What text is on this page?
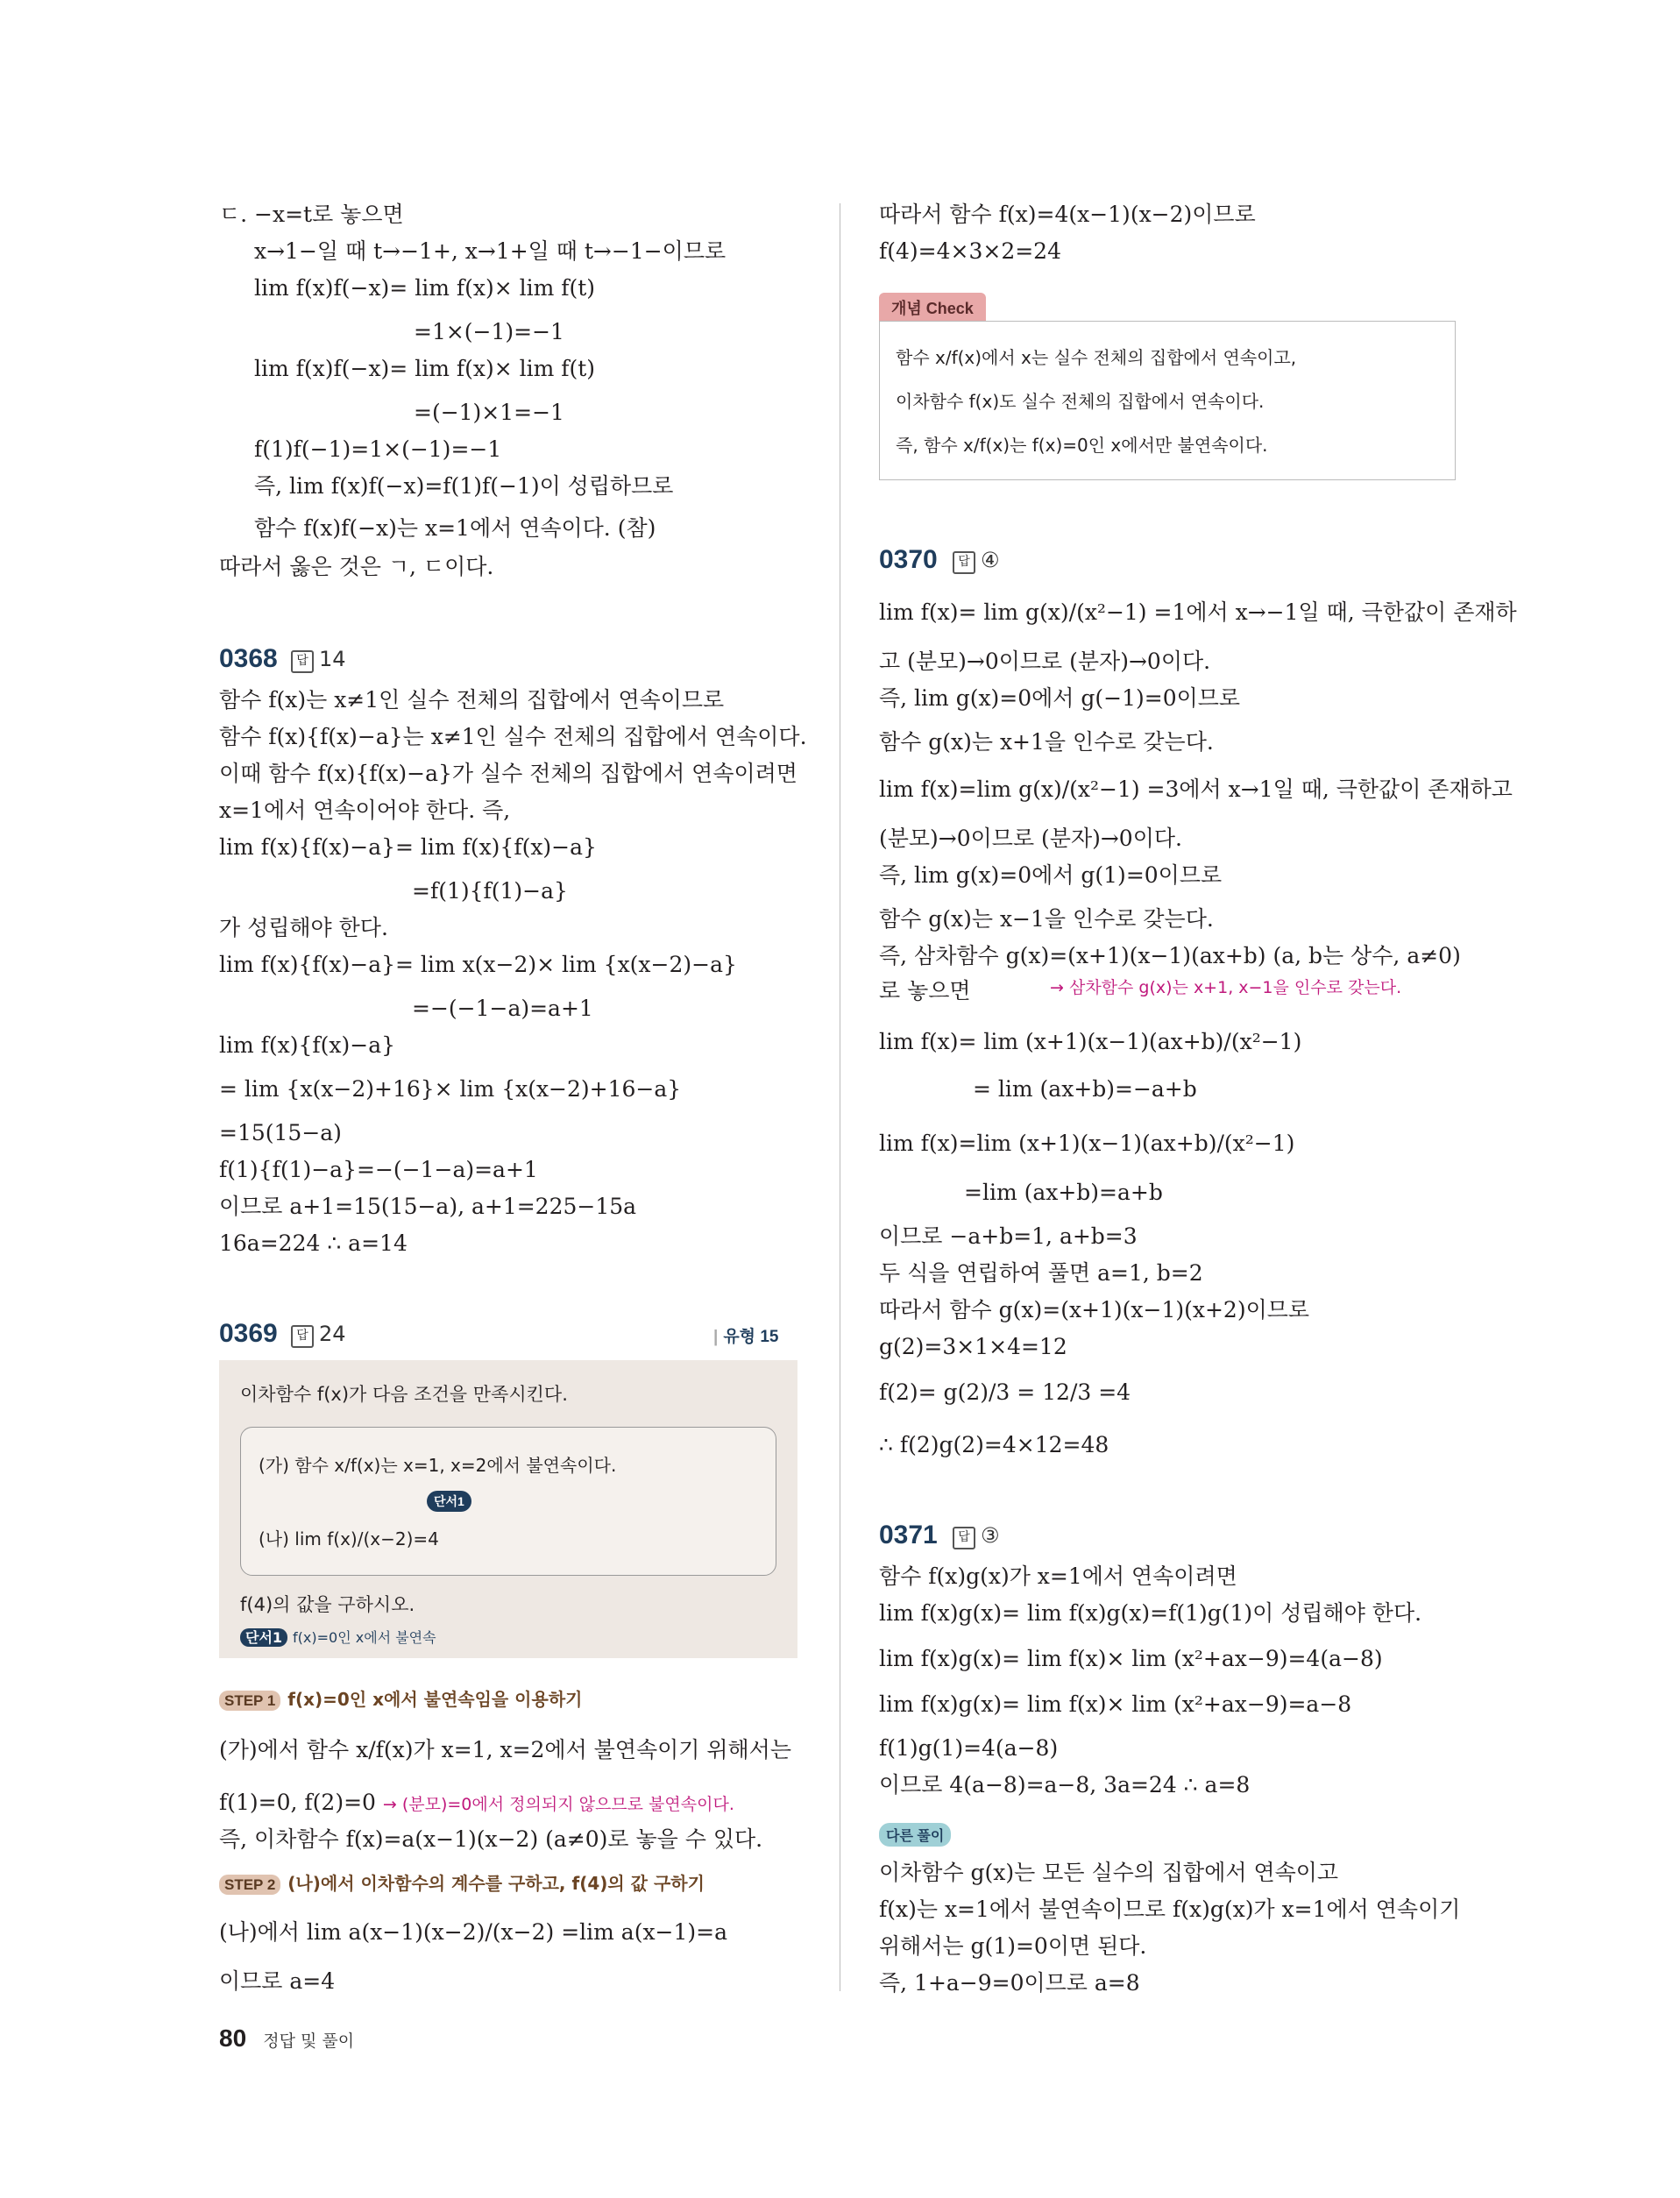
ㄷ. −x=t로 놓으면
x→1−일 때 t→−1+, x→1+일 때 t→−1−이므로
lim f(x)f(−x)= lim f(x)× lim f(t)
=1×(−1)=−1
lim f(x)f(−x)= lim f(x)× lim f(t)
=(−1)×1=−1
f(1)f(−1)=1×(−1)=−1
즉, lim f(x)f(−x)=f(1)f(−1)이 성립하므로
함수 f(x)f(−x)는 x=1에서 연속이다. (참)
따라서 옳은 것은 ㄱ, ㄷ이다.
0368	답 14
함수 f(x)는 x≠1인 실수 전체의 집합에서 연속이므로
함수 f(x){f(x)−a}는 x≠1인 실수 전체의 집합에서 연속이다.
이때 함수 f(x){f(x)−a}가 실수 전체의 집합에서 연속이려면
x=1에서 연속이어야 한다. 즉,
lim f(x){f(x)−a}= lim f(x){f(x)−a}
=f(1){f(1)−a}
가 성립해야 한다.
lim f(x){f(x)−a}= lim x(x−2)× lim {x(x−2)−a}
=−(−1−a)=a+1
lim f(x){f(x)−a}
= lim {x(x−2)+16}× lim {x(x−2)+16−a}
=15(15−a)
f(1){f(1)−a}=−(−1−a)=a+1
이므로 a+1=15(15−a), a+1=225−15a
16a=224 ∴ a=14
0369	답 24	| 유형 15
이차함수 f(x)가 다음 조건을 만족시킨다.
(가) 함수 x/f(x)는 x=1, x=2에서 불연속이다.
단서1
(나) lim f(x)/(x−2)=4
f(4)의 값을 구하시오.
단서1 f(x)=0인 x에서 불연속
STEP 1 f(x)=0인 x에서 불연속임을 이용하기
(가)에서 함수 x/f(x)가 x=1, x=2에서 불연속이기 위해서는
f(1)=0, f(2)=0 → (분모)=0에서 정의되지 않으므로 불연속이다.
즉, 이차함수 f(x)=a(x−1)(x−2) (a≠0)로 놓을 수 있다.
STEP 2 (나)에서 이차함수의 계수를 구하고, f(4)의 값 구하기
(나)에서 lim a(x−1)(x−2)/(x−2) =lim a(x−1)=a
이므로 a=4
따라서 함수 f(x)=4(x−1)(x−2)이므로
f(4)=4×3×2=24
개념 Check
함수 x/f(x)에서 x는 실수 전체의 집합에서 연속이고,
이차함수 f(x)도 실수 전체의 집합에서 연속이다.
즉, 함수 x/f(x)는 f(x)=0인 x에서만 불연속이다.
0370	답 ④
lim f(x)= lim g(x)/(x²−1) =1에서 x→−1일 때, 극한값이 존재하
고 (분모)→0이므로 (분자)→0이다.
즉, lim g(x)=0에서 g(−1)=0이므로
함수 g(x)는 x+1을 인수로 갖는다.
lim f(x)=lim g(x)/(x²−1) =3에서 x→1일 때, 극한값이 존재하고
(분모)→0이므로 (분자)→0이다.
즉, lim g(x)=0에서 g(1)=0이므로
함수 g(x)는 x−1을 인수로 갖는다.
즉, 삼차함수 g(x)=(x+1)(x−1)(ax+b) (a, b는 상수, a≠0)
→ 삼차함수 g(x)는 x+1, x−1을 인수로 갖는다.
로 놓으면
lim f(x)= lim (x+1)(x−1)(ax+b)/(x²−1)
= lim (ax+b)=−a+b
lim f(x)=lim (x+1)(x−1)(ax+b)/(x²−1)
=lim (ax+b)=a+b
이므로 −a+b=1, a+b=3
두 식을 연립하여 풀면 a=1, b=2
따라서 함수 g(x)=(x+1)(x−1)(x+2)이므로
g(2)=3×1×4=12
f(2)= g(2)/3 = 12/3 =4
∴ f(2)g(2)=4×12=48
0371	답 ③
함수 f(x)g(x)가 x=1에서 연속이려면
lim f(x)g(x)= lim f(x)g(x)=f(1)g(1)이 성립해야 한다.
lim f(x)g(x)= lim f(x)× lim (x²+ax−9)=4(a−8)
lim f(x)g(x)= lim f(x)× lim (x²+ax−9)=a−8
f(1)g(1)=4(a−8)
이므로 4(a−8)=a−8, 3a=24 ∴ a=8
다른 풀이
이차함수 g(x)는 모든 실수의 집합에서 연속이고
f(x)는 x=1에서 불연속이므로 f(x)g(x)가 x=1에서 연속이기
위해서는 g(1)=0이면 된다.
즉, 1+a−9=0이므로 a=8
80 정답 및 풀이
